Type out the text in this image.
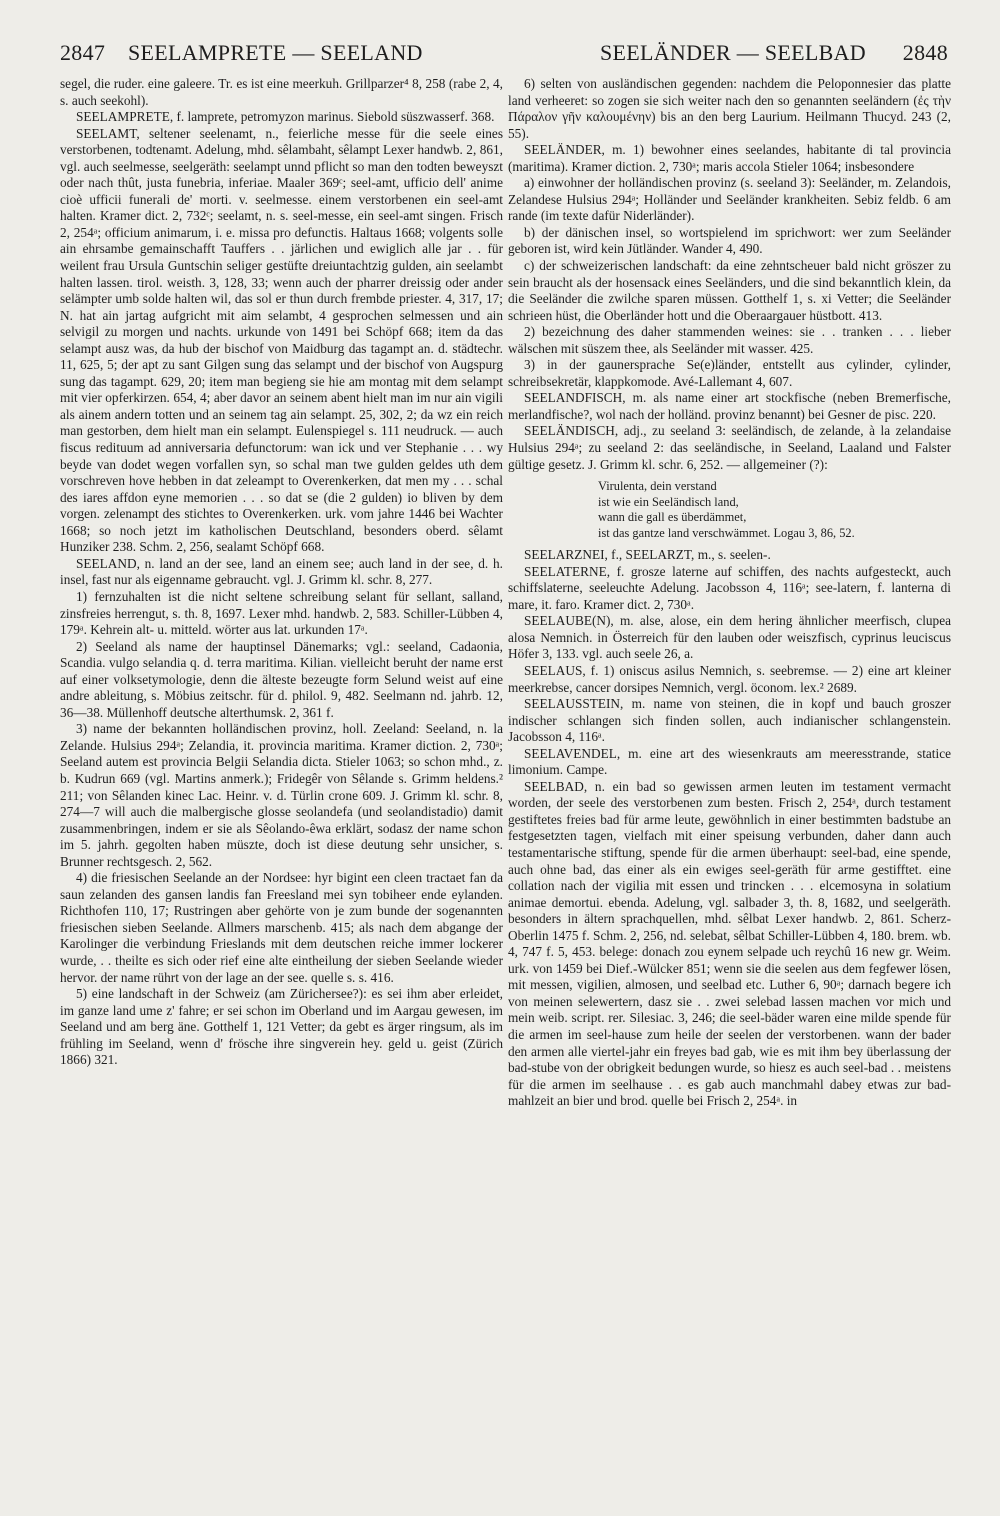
2847 SEELAMPRETE — SEELAND	SEELÄNDER — SEELBAD 2848

segel, die ruder. eine galeere. Tr. es ist eine meerkuh. Grillparzer⁴ 8, 258 (rabe 2, 4, s. auch seekohl).

SEELAMPRETE, f. lamprete, petromyzon marinus. Siebold süszwasserf. 368.

SEELAMT, seltener seelenamt, n., feierliche messe für die seele eines verstorbenen, todtenamt. Adelung, mhd. sêlambaht, sêlampt Lexer handwb. 2, 861, vgl. auch seelmesse, seelgeräth: seelampt unnd pflicht so man den todten beweyszt oder nach thût, justa funebria, inferiae. Maaler 369ᶜ; seel-amt, ufficio dell' anime cioè ufficii funerali de' morti. v. seelmesse. einem verstorbenen ein seel-amt halten. Kramer dict. 2, 732ᶜ; seelamt, n. s. seel-messe, ein seel-amt singen. Frisch 2, 254ᵃ; officium animarum, i. e. missa pro defunctis. Haltaus 1668; volgents solle ain ehrsambe gemainschafft Tauffers . . järlichen und ewiglich alle jar . . für weilent frau Ursula Guntschin seliger gestüfte dreiuntachtzig gulden, ain seelambt halten lassen. tirol. weisth. 3, 128, 33; wenn auch der pharrer dreissig oder ander selämpter umb solde halten wil, das sol er thun durch frembde priester. 4, 317, 17; N. hat ain jartag aufgricht mit aim selambt, 4 gesprochen selmessen und ain selvigil zu morgen und nachts. urkunde von 1491 bei Schöpf 668; item da das selampt ausz was, da hub der bischof von Maidburg das tagampt an. d. städtechr. 11, 625, 5; der apt zu sant Gilgen sung das selampt und der bischof von Augspurg sung das tagampt. 629, 20; item man begieng sie hie am montag mit dem selampt mit vier opferkirzen. 654, 4; aber davor an seinem abent hielt man im nur ain vigili als ainem andern totten und an seinem tag ain selampt. 25, 302, 2; da wz ein reich man gestorben, dem hielt man ein selampt. Eulenspiegel s. 111 neudruck. — auch fiscus redituum ad anniversaria defunctorum: wan ick und ver Stephanie . . . wy beyde van dodet wegen vorfallen syn, so schal man twe gulden geldes uth dem vorschreven hove hebben in dat zeleampt to Overenkerken, dat men my . . . schal des iares affdon eyne memorien . . . so dat se (die 2 gulden) io bliven by dem vorgen. zelenampt des stichtes to Overenkerken. urk. vom jahre 1446 bei Wachter 1668; so noch jetzt im katholischen Deutschland, besonders oberd. sêlamt Hunziker 238. Schm. 2, 256, sealamt Schöpf 668.

SEELAND, n. land an der see, land an einem see; auch land in der see, d. h. insel, fast nur als eigenname gebraucht. vgl. J. Grimm kl. schr. 8, 277.

1) fernzuhalten ist die nicht seltene schreibung selant für sellant, salland, zinsfreies herrengut, s. th. 8, 1697. Lexer mhd. handwb. 2, 583. Schiller-Lübben 4, 179ᵃ. Kehrein alt- u. mitteld. wörter aus lat. urkunden 17ᵃ.

2) Seeland als name der hauptinsel Dänemarks; vgl.: seeland, Cadaonia, Scandia. vulgo selandia q. d. terra maritima. Kilian. vielleicht beruht der name erst auf einer volksetymologie, denn die älteste bezeugte form Selund weist auf eine andre ableitung, s. Möbius zeitschr. für d. philol. 9, 482. Seelmann nd. jahrb. 12, 36—38. Müllenhoff deutsche alterthumsk. 2, 361 f.

3) name der bekannten holländischen provinz, holl. Zeeland: Seeland, n. la Zelande. Hulsius 294ᵃ; Zelandia, it. provincia maritima. Kramer diction. 2, 730ᵃ; Seeland autem est provincia Belgii Selandia dicta. Stieler 1063; so schon mhd., z. b. Kudrun 669 (vgl. Martins anmerk.); Fridegêr von Sêlande s. Grimm heldens.² 211; von Sêlanden kinec Lac. Heinr. v. d. Türlin crone 609. J. Grimm kl. schr. 8, 274—7 will auch die malbergische glosse seolandefa (und seolandistadio) damit zusammenbringen, indem er sie als Sêolando-êwa erklärt, sodasz der name schon im 5. jahrh. gegolten haben müszte, doch ist diese deutung sehr unsicher, s. Brunner rechtsgesch. 2, 562.

4) die friesischen Seelande an der Nordsee: hyr bigint een cleen tractaet fan da saun zelanden des gansen landis fan Freesland mei syn tobiheer ende eylanden. Richthofen 110, 17; Rustringen aber gehörte von je zum bunde der sogenannten friesischen sieben Seelande. Allmers marschenb. 415; als nach dem abgange der Karolinger die verbindung Frieslands mit dem deutschen reiche immer lockerer wurde, . . theilte es sich oder rief eine alte eintheilung der sieben Seelande wieder hervor. der name rührt von der lage an der see. quelle s. s. 416.

5) eine landschaft in der Schweiz (am Zürichersee?): es sei ihm aber erleidet, im ganze land ume z' fahre; er sei schon im Oberland und im Aargau gewesen, im Seeland und am berg äne. Gotthelf 1, 121 Vetter; da gebt es ärger ringsum, als im frühling im Seeland, wenn d' frösche ihre singverein hey. geld u. geist (Zürich 1866) 321.

6) selten von ausländischen gegenden: nachdem die Peloponnesier das platte land verheeret: so zogen sie sich weiter nach den so genannten seeländern (ἐς τὴν Πάραλον γῆν καλουμένην) bis an den berg Laurium. Heilmann Thucyd. 243 (2, 55).

SEELÄNDER, m. 1) bewohner eines seelandes, habitante di tal provincia (maritima). Kramer diction. 2, 730ᵃ; maris accola Stieler 1064; insbesondere

a) einwohner der holländischen provinz (s. seeland 3): Seeländer, m. Zelandois, Zelandese Hulsius 294ᵃ; Holländer und Seeländer krankheiten. Sebiz feldb. 6 am rande (im texte dafür Niderländer).

b) der dänischen insel, so wortspielend im sprichwort: wer zum Seeländer geboren ist, wird kein Jütländer. Wander 4, 490.

c) der schweizerischen landschaft: da eine zehntscheuer bald nicht gröszer zu sein braucht als der hosensack eines Seeländers, und die sind bekanntlich klein, da die Seeländer die zwilche sparen müssen. Gotthelf 1, s. xi Vetter; die Seeländer schrieen hüst, die Oberländer hott und die Oberaargauer hüstbott. 413.

2) bezeichnung des daher stammenden weines: sie . . tranken . . . lieber wälschen mit süszem thee, als Seeländer mit wasser. 425.

3) in der gaunersprache Se(e)länder, entstellt aus cylinder, cylinder, schreibsekretär, klappkomode. Avé-Lallemant 4, 607.

SEELANDFISCH, m. als name einer art stockfische (neben Bremerfische, merlandfische?, wol nach der holländ. provinz benannt) bei Gesner de pisc. 220.

SEELÄNDISCH, adj., zu seeland 3: seeländisch, de zelande, à la zelandaise Hulsius 294ᵃ; zu seeland 2: das seeländische, in Seeland, Laaland und Falster gültige gesetz. J. Grimm kl. schr. 6, 252. — allgemeiner (?):

Virulenta, dein verstand
ist wie ein Seeländisch land,
wann die gall es überdämmet,
ist das gantze land verschwämmet. Logau 3, 86, 52.

SEELARZNEI, f., SEELARZT, m., s. seelen-.

SEELATERNE, f. grosze laterne auf schiffen, des nachts aufgesteckt, auch schiffslaterne, seeleuchte Adelung. Jacobsson 4, 116ᵃ; see-latern, f. lanterna di mare, it. faro. Kramer dict. 2, 730ᵃ.

SEELAUBE(N), m. alse, alose, ein dem hering ähnlicher meerfisch, clupea alosa Nemnich. in Österreich für den lauben oder weiszfisch, cyprinus leuciscus Höfer 3, 133. vgl. auch seele 26, a.

SEELAUS, f. 1) oniscus asilus Nemnich, s. seebremse. — 2) eine art kleiner meerkrebse, cancer dorsipes Nemnich, vergl. öconom. lex.² 2689.

SEELAUSSTEIN, m. name von steinen, die in kopf und bauch groszer indischer schlangen sich finden sollen, auch indianischer schlangenstein. Jacobsson 4, 116ᵃ.

SEELAVENDEL, m. eine art des wiesenkrauts am meeresstrande, statice limonium. Campe.

SEELBAD, n. ein bad so gewissen armen leuten im testament vermacht worden, der seele des verstorbenen zum besten. Frisch 2, 254ᵃ, durch testament gestiftetes freies bad für arme leute, gewöhnlich in einer bestimmten badstube an festgesetzten tagen, vielfach mit einer speisung verbunden, daher dann auch testamentarische stiftung, spende für die armen überhaupt: seel-bad, eine spende, auch ohne bad, das einer als ein ewiges seel-geräth für arme gestifftet. eine collation nach der vigilia mit essen und trincken . . . elcemosyna in solatium animae demortui. ebenda. Adelung, vgl. salbader 3, th. 8, 1682, und seelgeräth. besonders in ältern sprachquellen, mhd. sêlbat Lexer handwb. 2, 861. Scherz-Oberlin 1475 f. Schm. 2, 256, nd. selebat, sêlbat Schiller-Lübben 4, 180. brem. wb. 4, 747 f. 5, 453. belege: donach zou eynem selpade uch reychû 16 new gr. Weim. urk. von 1459 bei Dief.-Wülcker 851; wenn sie die seelen aus dem fegfewer lösen, mit messen, vigilien, almosen, und seelbad etc. Luther 6, 90ᵃ; darnach begere ich von meinen selewertern, dasz sie . . zwei selebad lassen machen vor mich und mein weib. script. rer. Silesiac. 3, 246; die seel-bäder waren eine milde spende für die armen im seel-hause zum heile der seelen der verstorbenen. wann der bader den armen alle viertel-jahr ein freyes bad gab, wie es mit ihm bey überlassung der bad-stube von der obrigkeit bedungen wurde, so hiesz es auch seel-bad . . meistens für die armen im seelhause . . es gab auch manchmahl dabey etwas zur bad-mahlzeit an bier und brod. quelle bei Frisch 2, 254ᵃ. in
